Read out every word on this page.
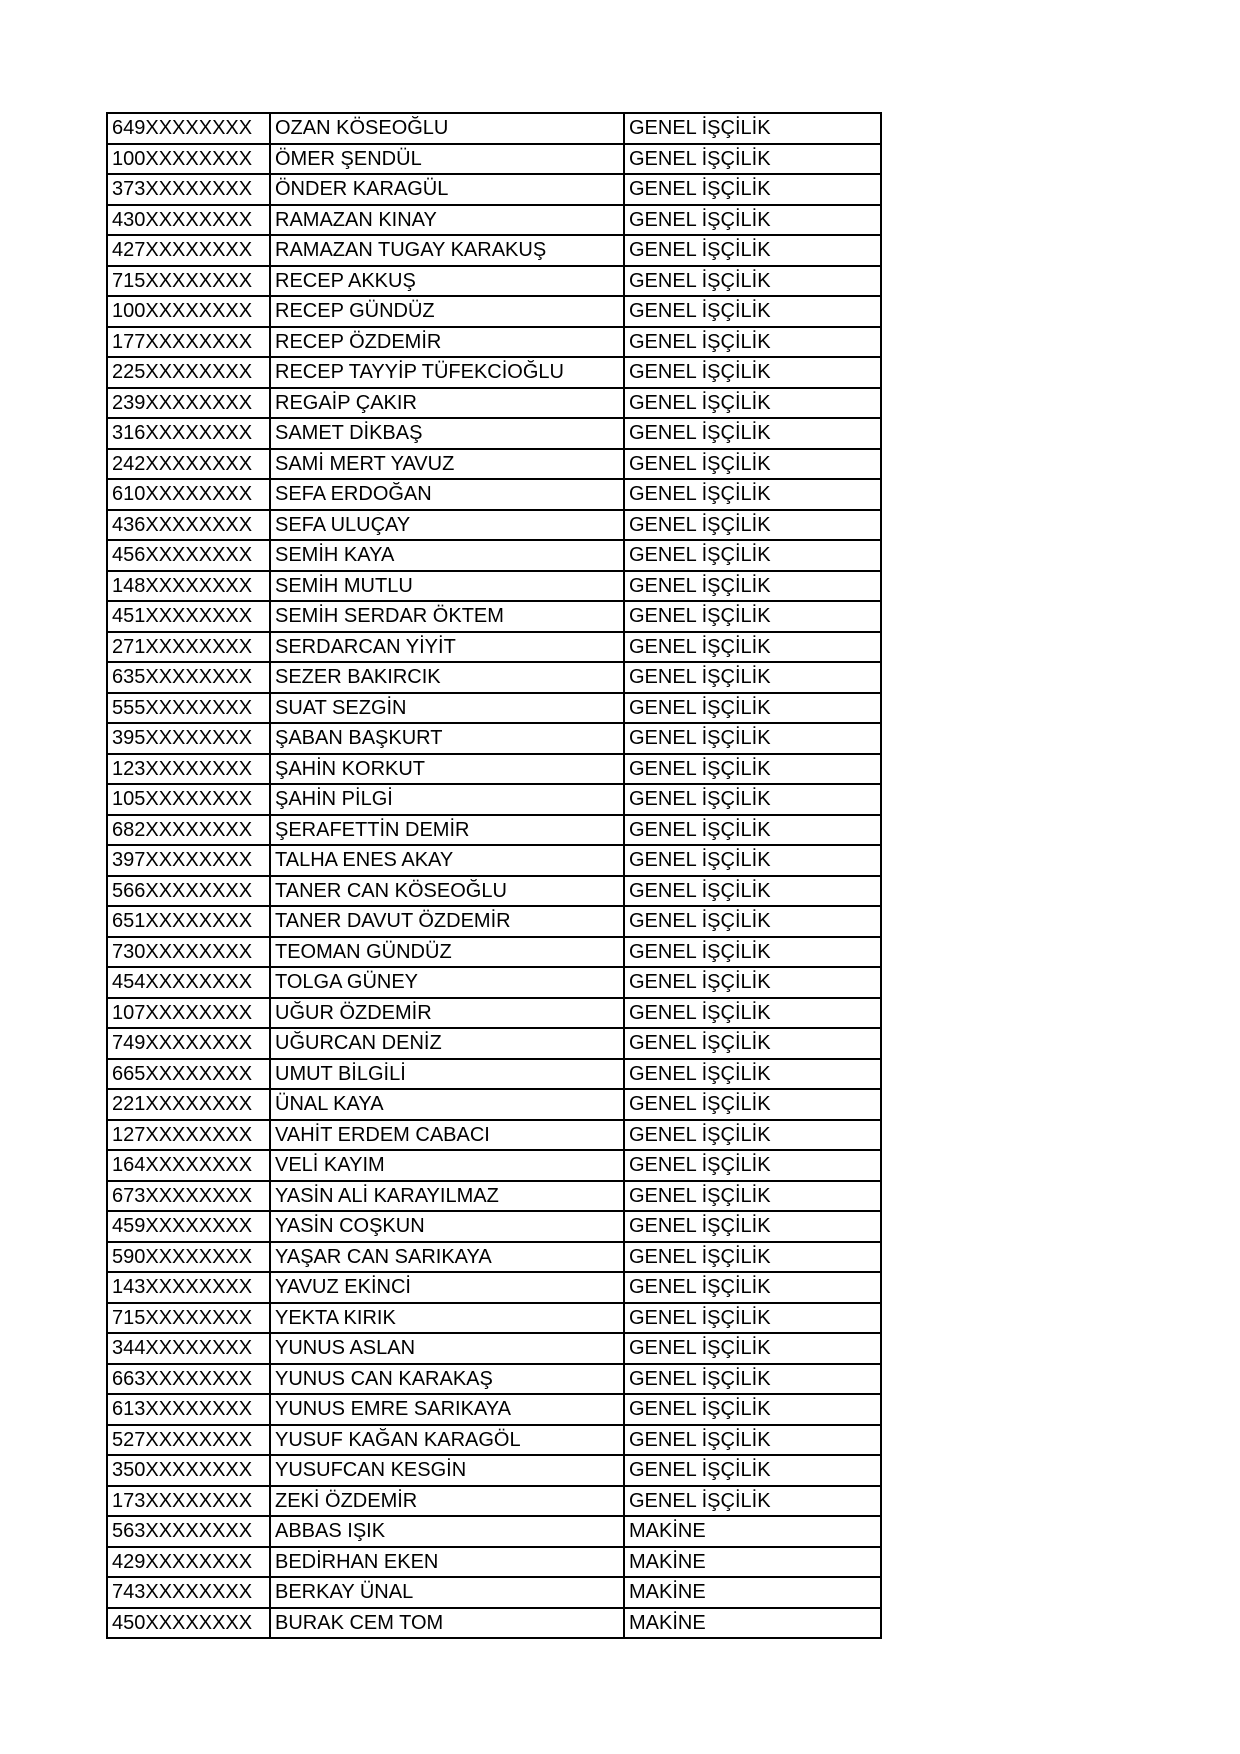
649XXXXXXXX	OZAN KÖSEOĞLU	GENEL İŞÇİLİK
100XXXXXXXX	ÖMER ŞENDÜL	GENEL İŞÇİLİK
373XXXXXXXX	ÖNDER KARAGÜL	GENEL İŞÇİLİK
430XXXXXXXX	RAMAZAN KINAY	GENEL İŞÇİLİK
427XXXXXXXX	RAMAZAN TUGAY KARAKUŞ	GENEL İŞÇİLİK
715XXXXXXXX	RECEP AKKUŞ	GENEL İŞÇİLİK
100XXXXXXXX	RECEP GÜNDÜZ	GENEL İŞÇİLİK
177XXXXXXXX	RECEP ÖZDEMİR	GENEL İŞÇİLİK
225XXXXXXXX	RECEP TAYYİP TÜFEKCİOĞLU	GENEL İŞÇİLİK
239XXXXXXXX	REGAİP ÇAKIR	GENEL İŞÇİLİK
316XXXXXXXX	SAMET DİKBAŞ	GENEL İŞÇİLİK
242XXXXXXXX	SAMİ MERT YAVUZ	GENEL İŞÇİLİK
610XXXXXXXX	SEFA ERDOĞAN	GENEL İŞÇİLİK
436XXXXXXXX	SEFA ULUÇAY	GENEL İŞÇİLİK
456XXXXXXXX	SEMİH KAYA	GENEL İŞÇİLİK
148XXXXXXXX	SEMİH MUTLU	GENEL İŞÇİLİK
451XXXXXXXX	SEMİH SERDAR ÖKTEM	GENEL İŞÇİLİK
271XXXXXXXX	SERDARCAN YİYİT	GENEL İŞÇİLİK
635XXXXXXXX	SEZER BAKIRCIK	GENEL İŞÇİLİK
555XXXXXXXX	SUAT SEZGİN	GENEL İŞÇİLİK
395XXXXXXXX	ŞABAN BAŞKURT	GENEL İŞÇİLİK
123XXXXXXXX	ŞAHİN KORKUT	GENEL İŞÇİLİK
105XXXXXXXX	ŞAHİN PİLGİ	GENEL İŞÇİLİK
682XXXXXXXX	ŞERAFETTİN DEMİR	GENEL İŞÇİLİK
397XXXXXXXX	TALHA ENES AKAY	GENEL İŞÇİLİK
566XXXXXXXX	TANER CAN KÖSEOĞLU	GENEL İŞÇİLİK
651XXXXXXXX	TANER DAVUT ÖZDEMİR	GENEL İŞÇİLİK
730XXXXXXXX	TEOMAN GÜNDÜZ	GENEL İŞÇİLİK
454XXXXXXXX	TOLGA GÜNEY	GENEL İŞÇİLİK
107XXXXXXXX	UĞUR ÖZDEMİR	GENEL İŞÇİLİK
749XXXXXXXX	UĞURCAN DENİZ	GENEL İŞÇİLİK
665XXXXXXXX	UMUT BİLGİLİ	GENEL İŞÇİLİK
221XXXXXXXX	ÜNAL KAYA	GENEL İŞÇİLİK
127XXXXXXXX	VAHİT ERDEM CABACI	GENEL İŞÇİLİK
164XXXXXXXX	VELİ KAYIM	GENEL İŞÇİLİK
673XXXXXXXX	YASİN ALİ KARAYILMAZ	GENEL İŞÇİLİK
459XXXXXXXX	YASİN COŞKUN	GENEL İŞÇİLİK
590XXXXXXXX	YAŞAR CAN SARIKAYA	GENEL İŞÇİLİK
143XXXXXXXX	YAVUZ EKİNCİ	GENEL İŞÇİLİK
715XXXXXXXX	YEKTA KIRIK	GENEL İŞÇİLİK
344XXXXXXXX	YUNUS ASLAN	GENEL İŞÇİLİK
663XXXXXXXX	YUNUS CAN KARAKAŞ	GENEL İŞÇİLİK
613XXXXXXXX	YUNUS EMRE SARIKAYA	GENEL İŞÇİLİK
527XXXXXXXX	YUSUF KAĞAN KARAGÖL	GENEL İŞÇİLİK
350XXXXXXXX	YUSUFCAN KESGİN	GENEL İŞÇİLİK
173XXXXXXXX	ZEKİ ÖZDEMİR	GENEL İŞÇİLİK
563XXXXXXXX	ABBAS IŞIK	MAKİNE
429XXXXXXXX	BEDİRHAN EKEN	MAKİNE
743XXXXXXXX	BERKAY ÜNAL	MAKİNE
450XXXXXXXX	BURAK CEM TOM	MAKİNE
